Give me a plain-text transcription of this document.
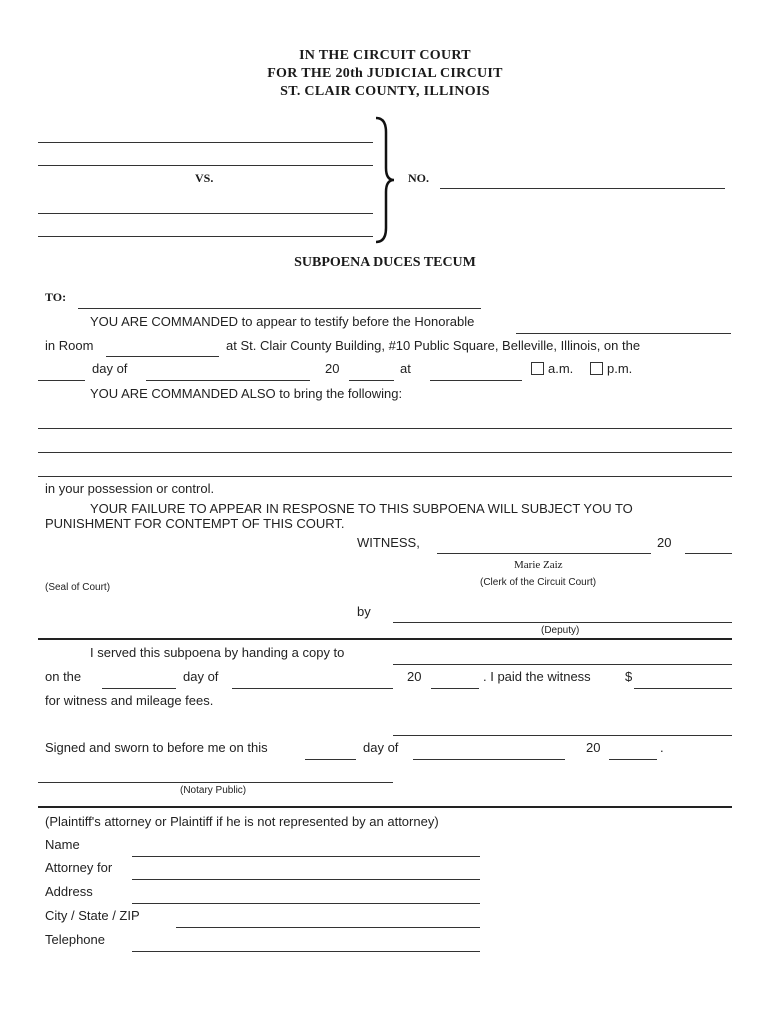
IN THE CIRCUIT COURT
FOR THE 20th JUDICIAL CIRCUIT
ST. CLAIR COUNTY, ILLINOIS
VS.	NO.
SUBPOENA DUCES TECUM
TO:
YOU ARE COMMANDED to appear to testify before the Honorable
in Room	at St. Clair County Building, #10 Public Square, Belleville, Illinois, on the
day of	20	at	a.m.	p.m.
YOU ARE COMMANDED ALSO to bring the following:
in your possession or control.
YOUR FAILURE TO APPEAR IN RESPOSNE TO THIS SUBPOENA WILL SUBJECT YOU TO
PUNISHMENT FOR CONTEMPT OF THIS COURT.
WITNESS,	20
Marie Zaiz
(Seal of Court)	(Clerk of the Circuit Court)
by
(Deputy)
I served this subpoena by handing a copy to
on the	day of	20	. I paid the witness	$
for witness and mileage fees.
Signed and sworn to before me on this	day of	20	.
(Notary Public)
(Plaintiff's attorney or Plaintiff if he is not represented by an attorney)
Name
Attorney for
Address
City / State / ZIP
Telephone
